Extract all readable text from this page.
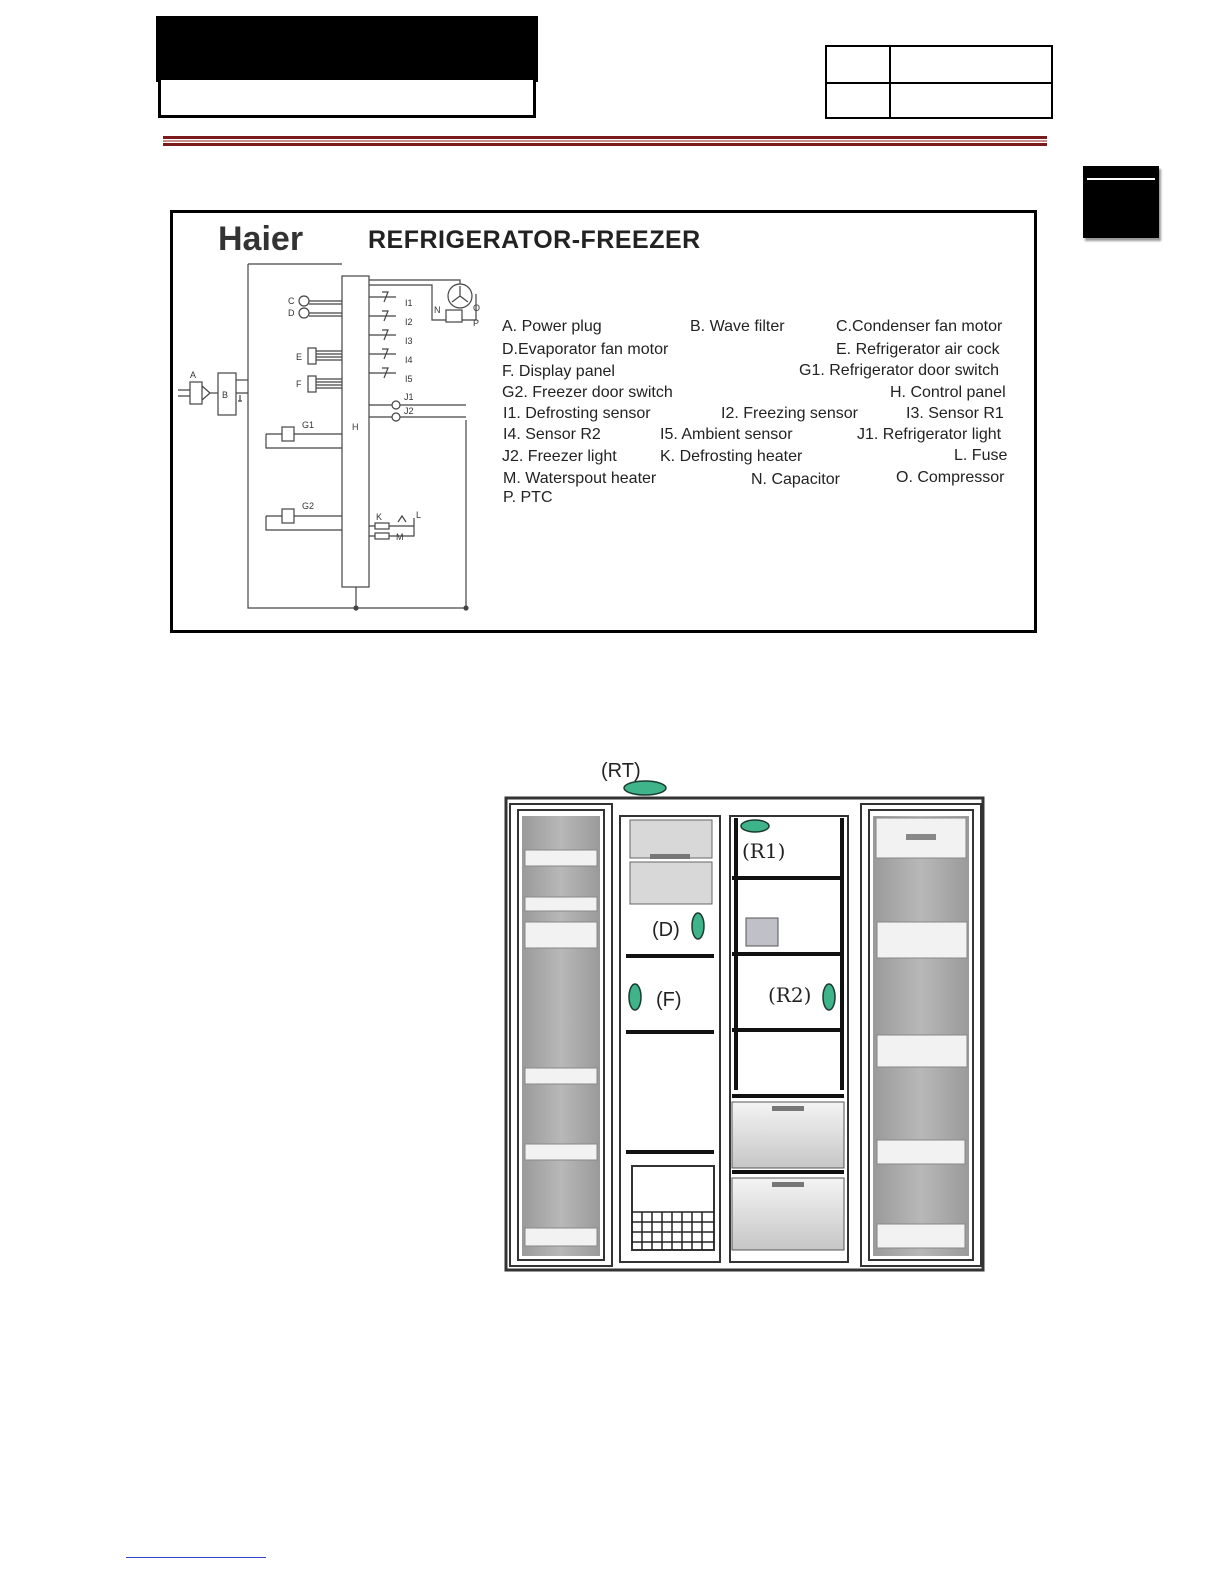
Haier	REFRIGERATOR-FREEZER
H
A
B
C
D
E
F
I1
I2
I3
I4
I5
N	O
P
J1
J2
G1
G2
K	L
M
A. Power plug	B. Wave filter	C.Condenser fan motor
D.Evaporator fan motor	E. Refrigerator air cock
F. Display panel	G1. Refrigerator door switch
G2. Freezer door switch	H. Control panel
I1. Defrosting sensor	I2. Freezing sensor	I3. Sensor R1
I4. Sensor R2	I5. Ambient sensor	J1. Refrigerator light
J2. Freezer light	K. Defrosting heater	L. Fuse
M. Waterspout heater	N. Capacitor	O. Compressor
P. PTC
(RT)
(R1)
(D)
(F)	(R2)
